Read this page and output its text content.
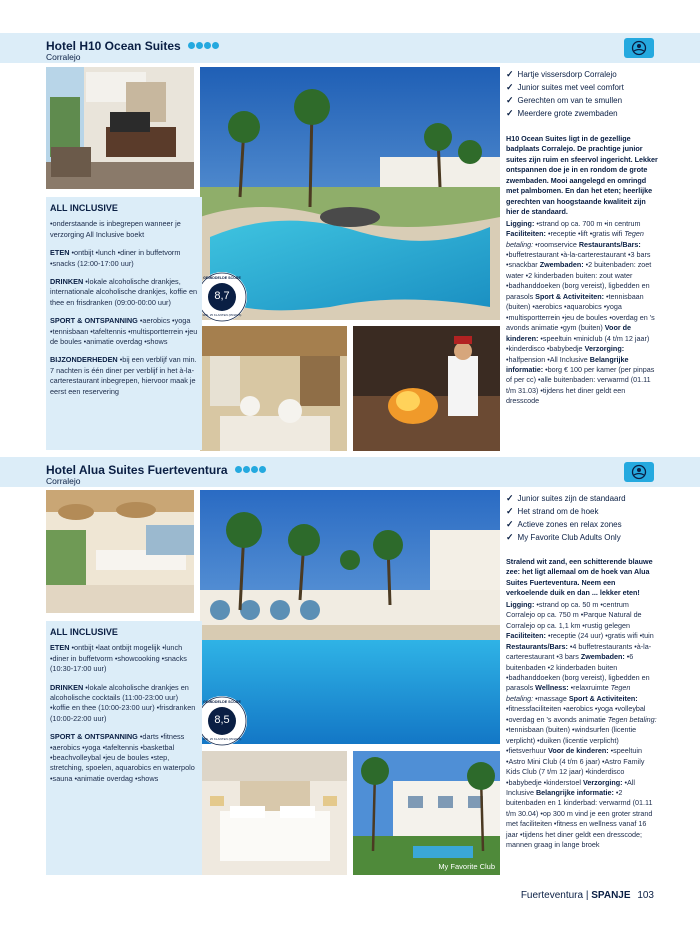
Hotel H10 Ocean Suites
Corralejo
8,7
GEMIDDELDE SCORE
MIN. 25 KLANTEN (05/2025)
ALL INCLUSIVE

•onderstaande is inbegrepen wanneer je verzorging All Inclusive boekt

ETEN •ontbijt •lunch •diner in buffetvorm •snacks (12:00-17:00 uur)

DRINKEN •lokale alcoholische drankjes, internationale alcoholische drankjes, koffie en thee en frisdranken (09:00-00:00 uur)

SPORT & ONTSPANNING •aerobics •yoga •tennisbaan •tafeltennis •multisportterrein •jeu de boules •animatie overdag •shows

BIJZONDERHEDEN •bij een verblijf van min. 7 nachten is één diner per verblijf in het à-la-carterestaurant inbegrepen, hiervoor maak je eerst een reservering

✓ Hartje vissersdorp Corralejo
✓ Junior suites met veel comfort
✓ Gerechten om van te smullen
✓ Meerdere grote zwembaden
H10 Ocean Suites ligt in de gezellige badplaats Corralejo. De prachtige junior suites zijn ruim en sfeervol ingericht. Lekker ontspannen doe je in en rondom de grote zwembaden. Mooi aangelegd en omringd met palmbomen. En dan het eten; heerlijke gerechten van hoogstaande kwaliteit zijn hier de standaard.
Ligging: •strand op ca. 700 m •in centrum Faciliteiten: •receptie •lift •gratis wifi Tegen betaling: •roomservice Restaurants/Bars: •buffetrestaurant •à-la-carterestaurant •3 bars •snackbar Zwembaden: •2 buitenbaden: zoet water •2 kinderbaden buiten: zout water •badhanddoeken (borg vereist), ligbedden en parasols Sport & Activiteiten: •tennisbaan (buiten) •aerobics •aquarobics •yoga •multisportterrein •jeu de boules •overdag en 's avonds animatie •gym (buiten) Voor de kinderen: •speeltuin •miniclub (4 t/m 12 jaar) •kinderdisco •babybedje Verzorging: •halfpension •All Inclusive Belangrijke informatie: •borg € 100 per kamer (per pinpas of per cc) •alle buitenbaden: verwarmd (01.11 t/m 31.03) •tijdens het diner geldt een dresscode
Hotel Alua Suites Fuerteventura
Corralejo
8,5
GEMIDDELDE SCORE
MIN. 25 KLANTEN (05/2025)
My Favorite Club
ALL INCLUSIVE

ETEN •ontbijt •laat ontbijt mogelijk •lunch •diner in buffetvorm •showcooking •snacks (10:30-17:00 uur)

DRINKEN •lokale alcoholische drankjes en alcoholische cocktails (11:00-23:00 uur) •koffie en thee (10:00-23:00 uur) •frisdranken (10:00-22:00 uur)

SPORT & ONTSPANNING •darts •fitness •aerobics •yoga •tafeltennis •basketbal •beachvolleybal •jeu de boules •step, stretching, spoelen, aquarobics en waterpolo •sauna •animatie overdag •shows

✓ Junior suites zijn de standaard
✓ Het strand om de hoek
✓ Actieve zones en relax zones
✓ My Favorite Club Adults Only
Stralend wit zand, een schitterende blauwe zee: het ligt allemaal om de hoek van Alua Suites Fuerteventura. Neem een verkoelende duik en dan ... lekker eten!
Ligging: •strand op ca. 50 m •centrum Corralejo op ca. 750 m •Parque Natural de Corralejo op ca. 1,1 km •rustig gelegen Faciliteiten: •receptie (24 uur) •gratis wifi •tuin Restaurants/Bars: •4 buffetrestaurants •à-la-carterestaurant •3 bars Zwembaden: •6 buitenbaden •2 kinderbaden buiten •badhanddoeken (borg vereist), ligbedden en parasols Wellness: •relaxruimte Tegen betaling: •massage Sport & Activiteiten: •fitnessfaciliteiten •aerobics •yoga •volleybal •overdag en 's avonds animatie Tegen betaling: •tennisbaan (buiten) •windsurfen (licentie verplicht) •duiken (licentie verplicht) •fietsverhuur Voor de kinderen: •speeltuin •Astro Mini Club (4 t/m 6 jaar) •Astro Family Kids Club (7 t/m 12 jaar) •kinderdisco •babybedje •kinderstoel Verzorging: •All Inclusive Belangrijke informatie: •2 buitenbaden en 1 kinderbad: verwarmd (01.11 t/m 30.04) •op 300 m vind je een groter strand met faciliteiten •fitness en wellness vanaf 16 jaar •tijdens het diner geldt een dresscode; mannen graag in lange broek
Fuerteventura | SPANJE 103
